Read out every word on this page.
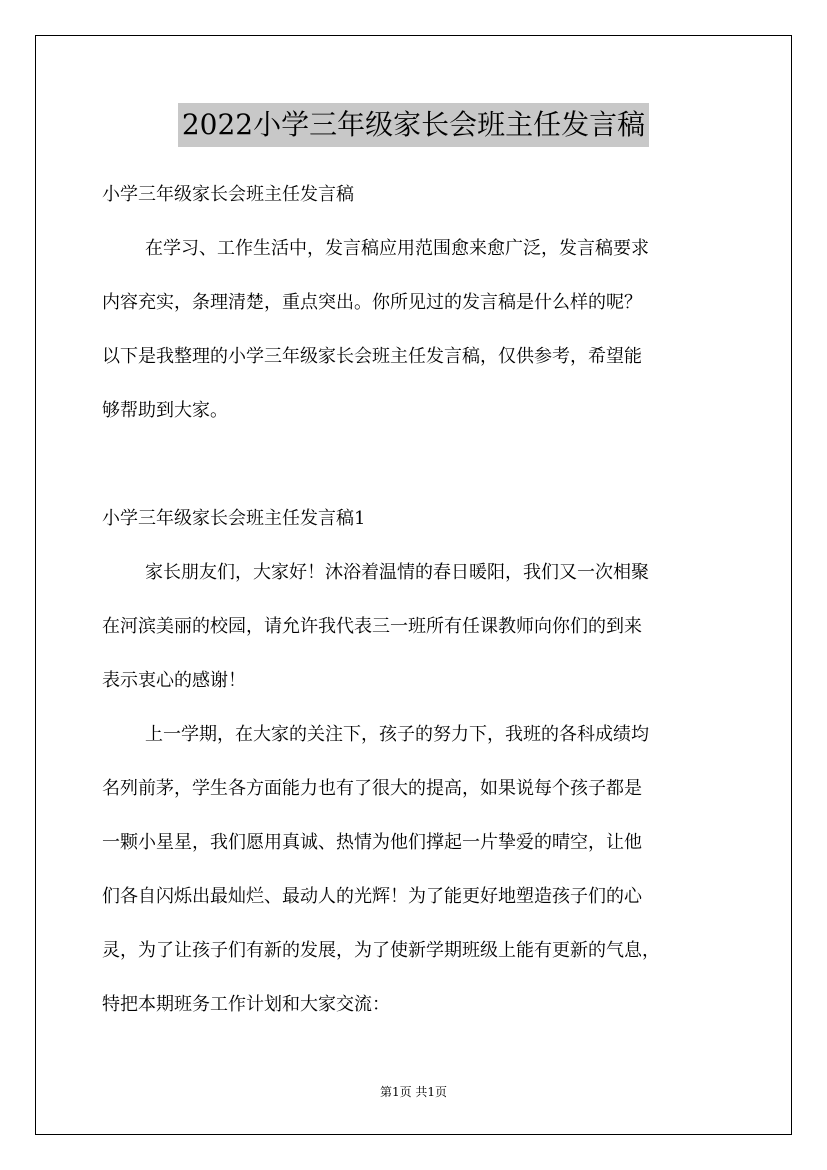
2022小学三年级家长会班主任发言稿

小学三年级家长会班主任发言稿

在学习、工作生活中，发言稿应用范围愈来愈广泛，发言稿要求

内容充实，条理清楚，重点突出。你所见过的发言稿是什么样的呢？

以下是我整理的小学三年级家长会班主任发言稿，仅供参考，希望能

够帮助到大家。

小学三年级家长会班主任发言稿1

家长朋友们，大家好！沐浴着温情的春日暖阳，我们又一次相聚

在河滨美丽的校园，请允许我代表三一班所有任课教师向你们的到来

表示衷心的感谢！

上一学期，在大家的关注下，孩子的努力下，我班的各科成绩均

名列前茅，学生各方面能力也有了很大的提高，如果说每个孩子都是

一颗小星星，我们愿用真诚、热情为他们撑起一片挚爱的晴空，让他

们各自闪烁出最灿烂、最动人的光辉！为了能更好地塑造孩子们的心

灵，为了让孩子们有新的发展，为了使新学期班级上能有更新的气息，

特把本期班务工作计划和大家交流：

第1页 共1页
